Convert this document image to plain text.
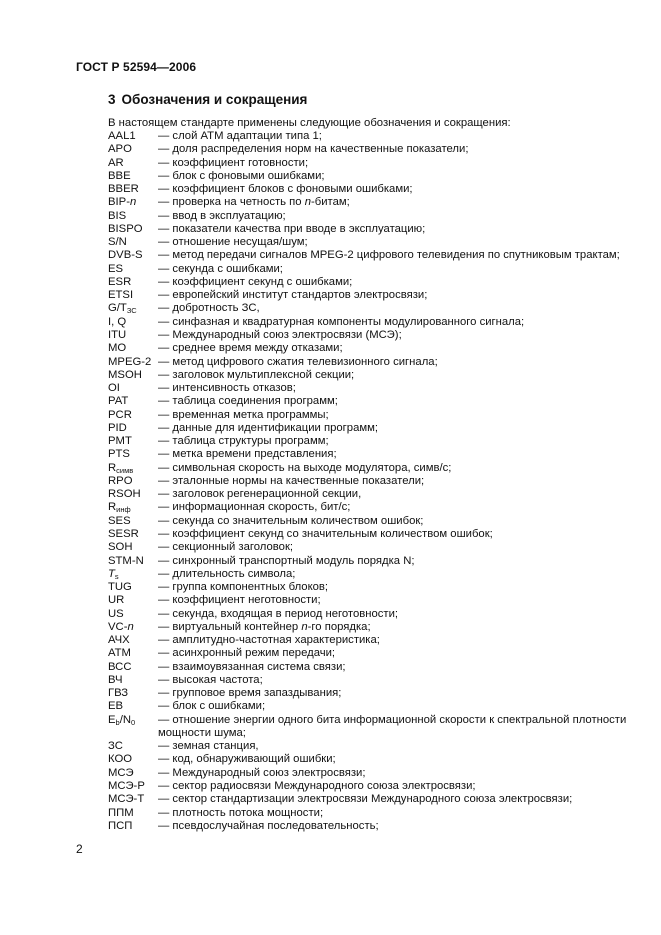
ГОСТ Р 52594—2006
3 Обозначения и сокращения
В настоящем стандарте применены следующие обозначения и сокращения:
AAL1	— слой АТМ адаптации типа 1;
APO	— доля распределения норм на качественные показатели;
AR	— коэффициент готовности;
BBE	— блок с фоновыми ошибками;
BBER	— коэффициент блоков с фоновыми ошибками;
BIP-n	— проверка на четность по n-битам;
BIS	— ввод в эксплуатацию;
BISPO	— показатели качества при вводе в эксплуатацию;
S/N	— отношение несущая/шум;
DVB-S	— метод передачи сигналов MPEG-2 цифрового телевидения по спутниковым трактам;
ES	— секунда с ошибками;
ESR	— коэффициент секунд с ошибками;
ETSI	— европейский институт стандартов электросвязи;
$G/T_{ЗС}$	— добротность ЗС,
I, Q	— синфазная и квадратурная компоненты модулированного сигнала;
ITU	— Международный союз электросвязи (МСЭ);
MO	— среднее время между отказами;
MPEG-2 — метод цифрового сжатия телевизионного сигнала;
MSOH	— заголовок мультиплексной секции;
OI	— интенсивность отказов;
PAT	— таблица соединения программ;
PCR	— временная метка программы;
PID	— данные для идентификации программ;
PMT	— таблица структуры программ;
PTS	— метка времени представления;
$R_{симв}$	— символьная скорость на выходе модулятора, симв/с;
RPO	— эталонные нормы на качественные показатели;
RSOH	— заголовок регенерационной секции,
$R_{инф}$	— информационная скорость, бит/с;
SES	— секунда со значительным количеством ошибок;
SESR	— коэффициент секунд со значительным количеством ошибок;
SOH	— секционный заголовок;
STM-N	— синхронный транспортный модуль порядка N;
$T_s$	— длительность символа;
TUG	— группа компонентных блоков;
UR	— коэффициент неготовности;
US	— секунда, входящая в период неготовности;
VC-n	— виртуальный контейнер n-го порядка;
АЧХ	— амплитудно-частотная характеристика;
АТМ	— асинхронный режим передачи;
ВСС	— взаимоувязанная система связи;
ВЧ	— высокая частота;
ГВЗ	— групповое время запаздывания;
ЕВ	— блок с ошибками;
$E_b/N_0$	— отношение энергии одного бита информационной скорости к спектральной плотности мощности шума;
ЗС	— земная станция,
КОО	— код, обнаруживающий ошибки;
МСЭ	— Международный союз электросвязи;
МСЭ-Р	— сектор радиосвязи Международного союза электросвязи;
МСЭ-Т	— сектор стандартизации электросвязи Международного союза электросвязи;
ППМ	— плотность потока мощности;
ПСП	— псевдослучайная последовательность;
2
